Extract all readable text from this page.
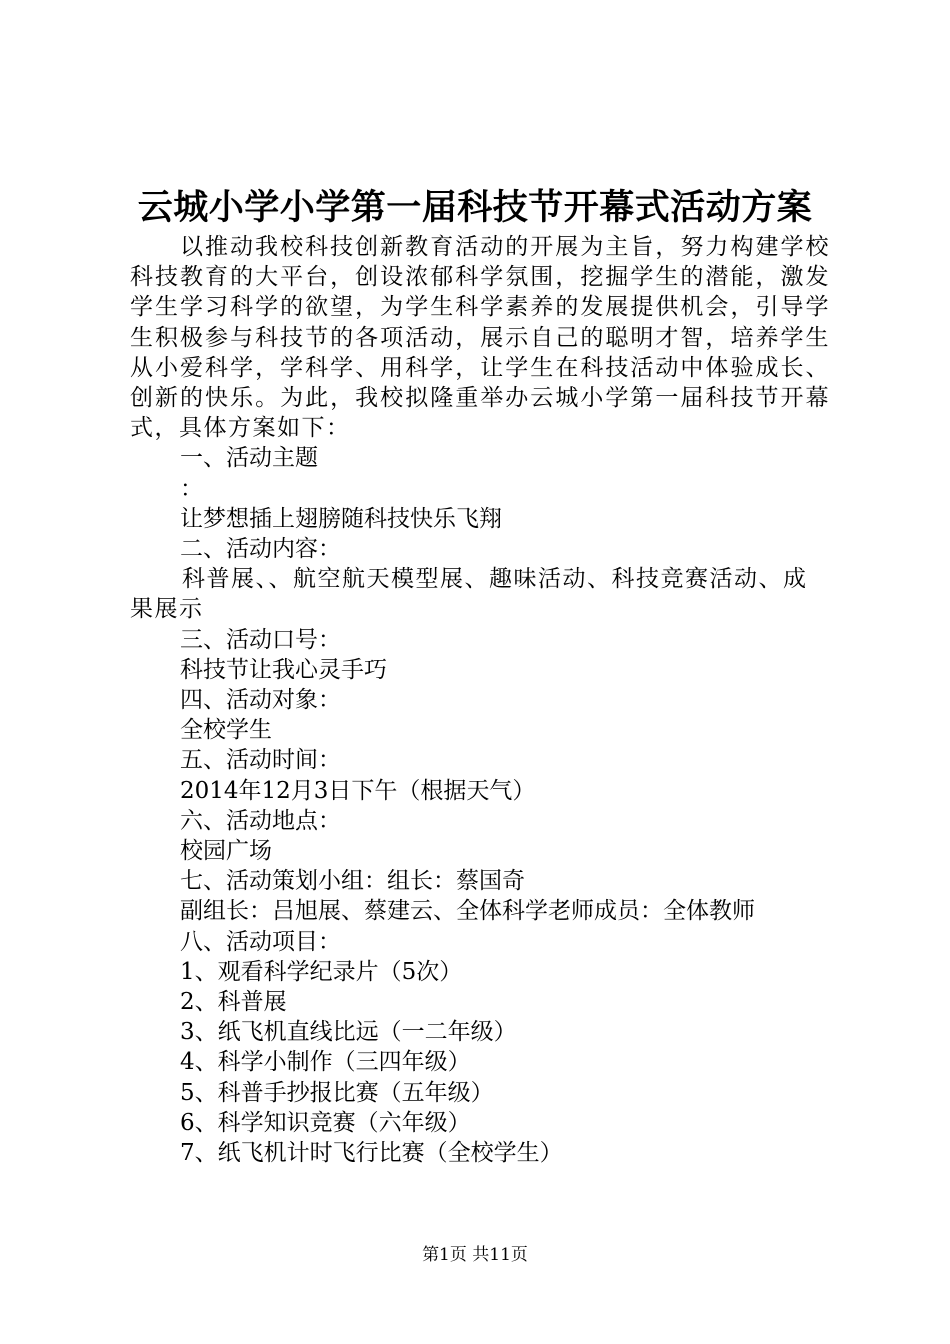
云城小学小学第一届科技节开幕式活动方案

以推动我校科技创新教育活动的开展为主旨，努力构建学校科技教育的大平台，创设浓郁科学氛围，挖掘学生的潜能，激发学生学习科学的欲望，为学生科学素养的发展提供机会，引导学生积极参与科技节的各项活动，展示自己的聪明才智，培养学生从小爱科学，学科学、用科学，让学生在科技活动中体验成长、创新的快乐。为此，我校拟隆重举办云城小学第一届科技节开幕式，具体方案如下：

一、活动主题

：

让梦想插上翅膀随科技快乐飞翔

二、活动内容：

科普展、、航空航天模型展、趣味活动、科技竞赛活动、成果展示

三、活动口号：

科技节让我心灵手巧

四、活动对象：

全校学生

五、活动时间：

2014年12月3日下午（根据天气）

六、活动地点：

校园广场

七、活动策划小组：组长：蔡国奇

副组长：吕旭展、蔡建云、全体科学老师成员：全体教师

八、活动项目：

1、观看科学纪录片（5次）

2、科普展

3、纸飞机直线比远（一二年级）

4、科学小制作（三四年级）

5、科普手抄报比赛（五年级）

6、科学知识竞赛（六年级）

7、纸飞机计时飞行比赛（全校学生）

第1页 共11页
